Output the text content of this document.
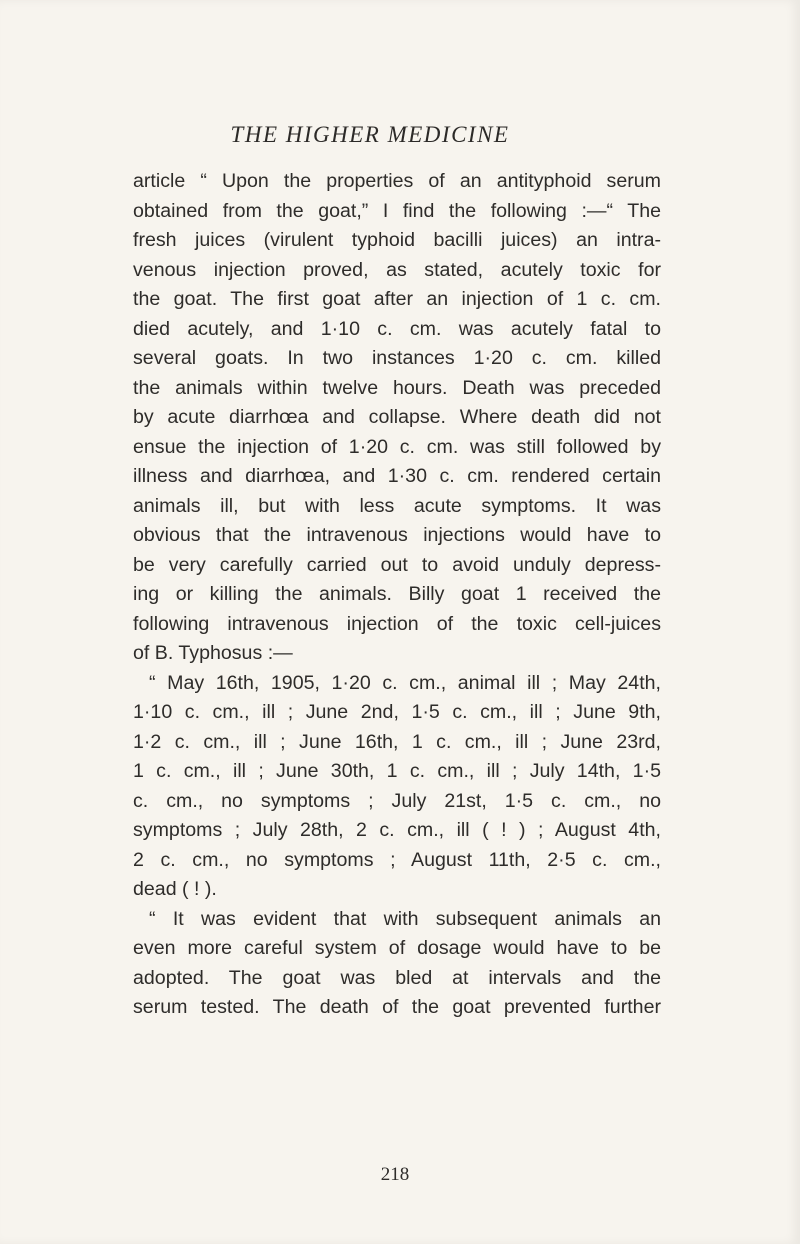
THE HIGHER MEDICINE
article “ Upon the properties of an antityphoid serum
obtained from the goat,” I find the following :—“ The
fresh juices (virulent typhoid bacilli juices) an intra-
venous injection proved, as stated, acutely toxic for
the goat. The first goat after an injection of 1 c. cm.
died acutely, and 1·10 c. cm. was acutely fatal to
several goats. In two instances 1·20 c. cm. killed
the animals within twelve hours. Death was preceded
by acute diarrhœa and collapse. Where death did not
ensue the injection of 1·20 c. cm. was still followed by
illness and diarrhœa, and 1·30 c. cm. rendered certain
animals ill, but with less acute symptoms. It was
obvious that the intravenous injections would have to
be very carefully carried out to avoid unduly depress-
ing or killing the animals. Billy goat 1 received the
following intravenous injection of the toxic cell-juices
of B. Typhosus :—
“ May 16th, 1905, 1·20 c. cm., animal ill ; May 24th,
1·10 c. cm., ill ; June 2nd, 1·5 c. cm., ill ; June 9th,
1·2 c. cm., ill ; June 16th, 1 c. cm., ill ; June 23rd,
1 c. cm., ill ; June 30th, 1 c. cm., ill ; July 14th, 1·5
c. cm., no symptoms ; July 21st, 1·5 c. cm., no
symptoms ; July 28th, 2 c. cm., ill ( ! ) ; August 4th,
2 c. cm., no symptoms ; August 11th, 2·5 c. cm.,
dead ( ! ).
“ It was evident that with subsequent animals an
even more careful system of dosage would have to be
adopted. The goat was bled at intervals and the
serum tested. The death of the goat prevented further
218
